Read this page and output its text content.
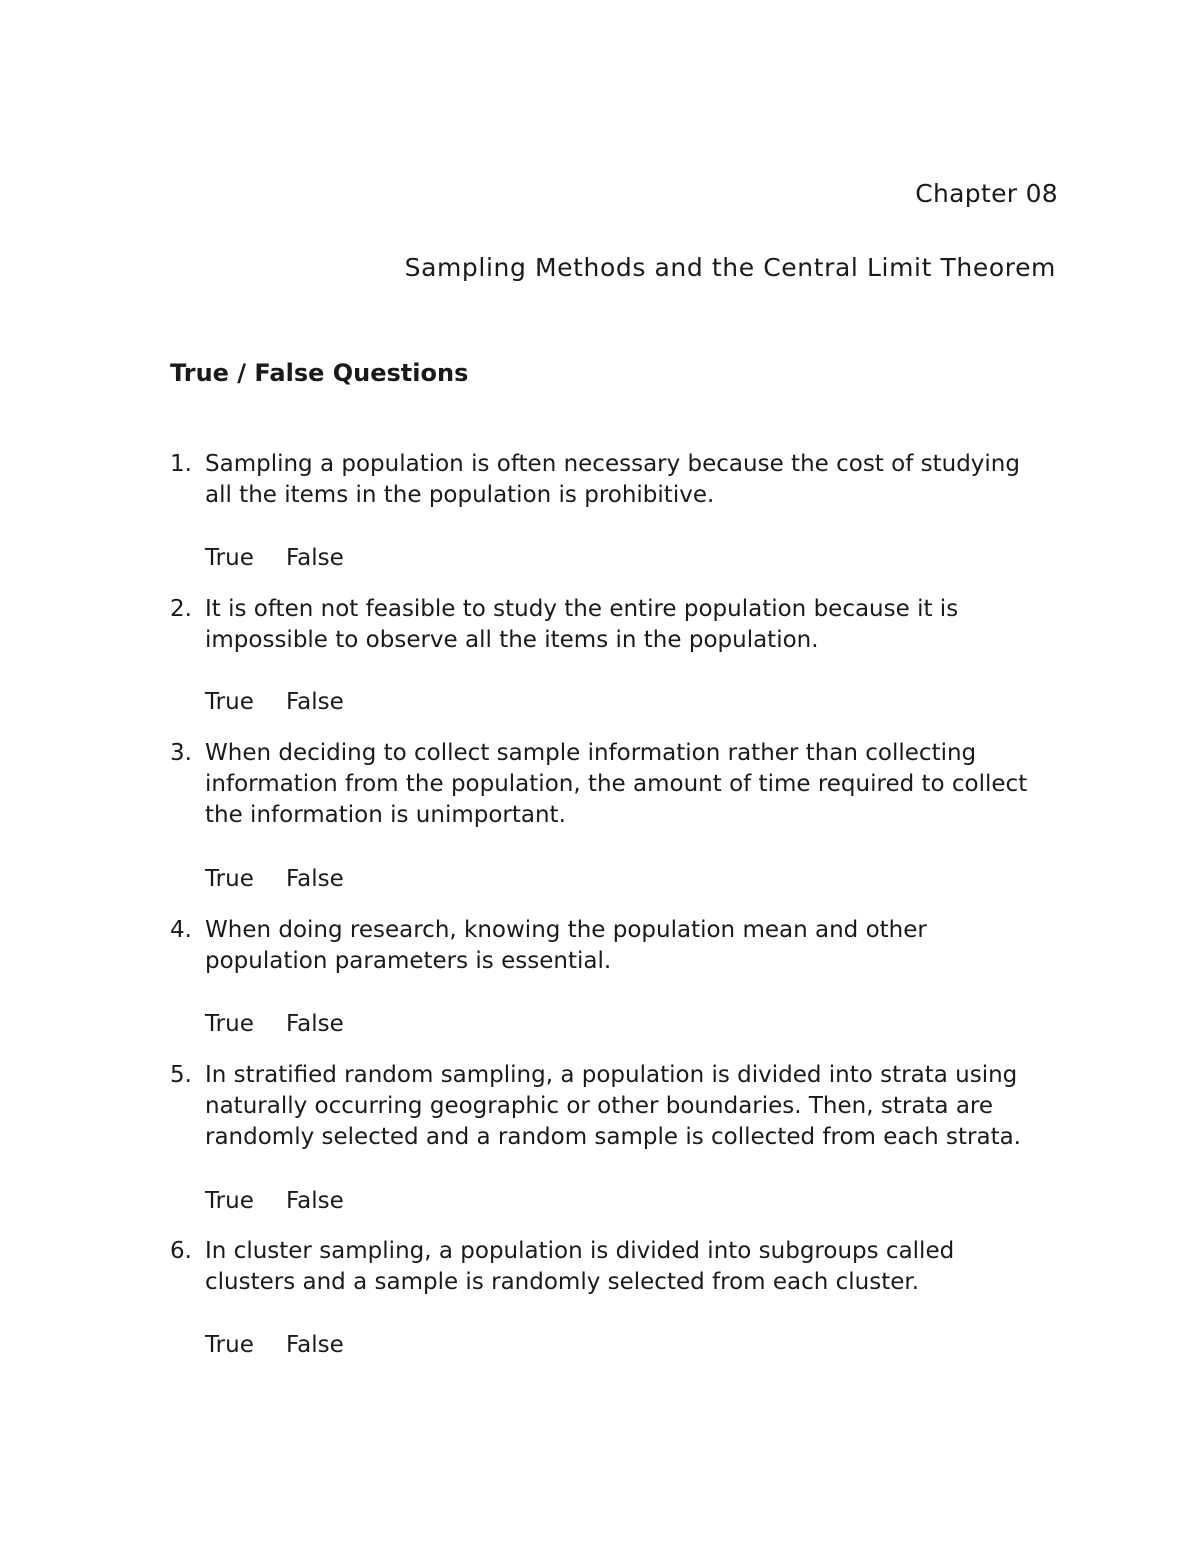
Chapter 08
Sampling Methods and the Central Limit Theorem
True / False Questions
1. Sampling a population is often necessary because the cost of studying
all the items in the population is prohibitive.
True False
2. It is often not feasible to study the entire population because it is
impossible to observe all the items in the population.
True False
3. When deciding to collect sample information rather than collecting
information from the population, the amount of time required to collect
the information is unimportant.
True False
4. When doing research, knowing the population mean and other
population parameters is essential.
True False
5. In stratified random sampling, a population is divided into strata using
naturally occurring geographic or other boundaries. Then, strata are
randomly selected and a random sample is collected from each strata.
True False
6. In cluster sampling, a population is divided into subgroups called
clusters and a sample is randomly selected from each cluster.
True False
